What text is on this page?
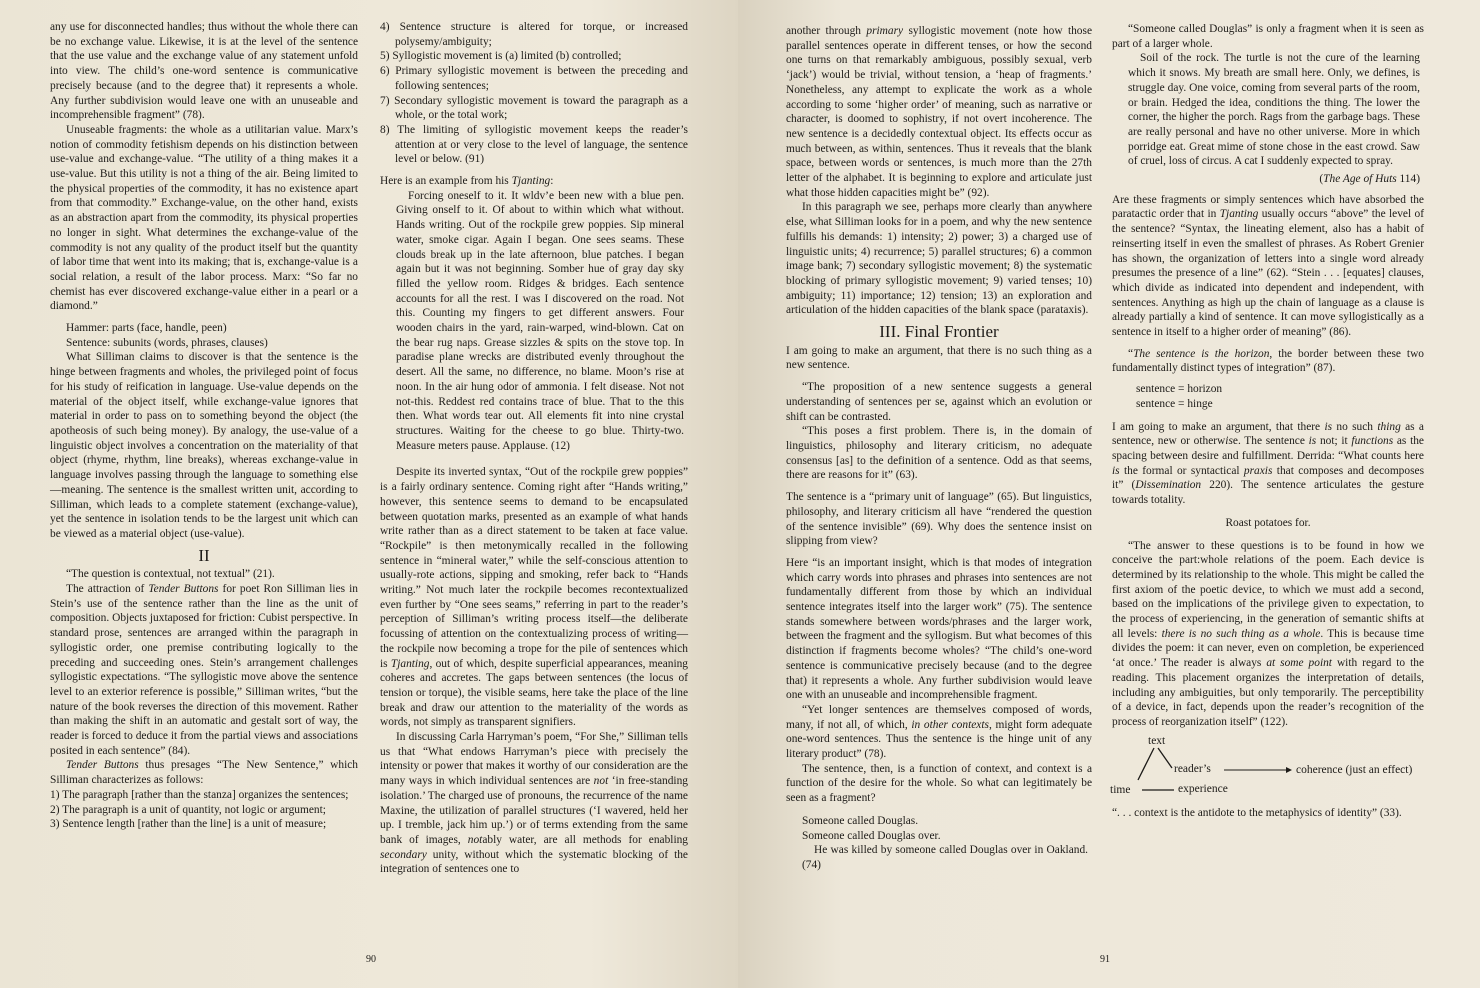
any use for disconnected handles; thus without the whole there can be no exchange value. Likewise, it is at the level of the sentence that the use value and the exchange value of any statement unfold into view. The child’s one-word sentence is communicative precisely because (and to the degree that) it represents a whole. Any further subdivision would leave one with an unuseable and incomprehensible fragment” (78).

Unuseable fragments: the whole as a utilitarian value. Marx’s notion of commodity fetishism depends on his distinction between use-value and exchange-value. “The utility of a thing makes it a use-value. But this utility is not a thing of the air. Being limited to the physical properties of the commodity, it has no existence apart from that commodity.” Exchange-value, on the other hand, exists as an abstraction apart from the commodity, its physical properties no longer in sight. What determines the exchange-value of the commodity is not any quality of the product itself but the quantity of labor time that went into its making; that is, exchange-value is a social relation, a result of the labor process. Marx: “So far no chemist has ever discovered exchange-value either in a pearl or a diamond.”

Hammer: parts (face, handle, peen)

Sentence: subunits (words, phrases, clauses)

What Silliman claims to discover is that the sentence is the hinge between fragments and wholes, the privileged point of focus for his study of reification in language. Use-value depends on the material of the object itself, while exchange-value ignores that material in order to pass on to something beyond the object (the apotheosis of such being money). By analogy, the use-value of a linguistic object involves a concentration on the materiality of that object (rhyme, rhythm, line breaks), whereas exchange-value in language involves passing through the language to something else—meaning. The sentence is the smallest written unit, according to Silliman, which leads to a complete statement (exchange-value), yet the sentence in isolation tends to be the largest unit which can be viewed as a material object (use-value).

II

“The question is contextual, not textual” (21).

The attraction of Tender Buttons for poet Ron Silliman lies in Stein’s use of the sentence rather than the line as the unit of composition. Objects juxtaposed for friction: Cubist perspective. In standard prose, sentences are arranged within the paragraph in syllogistic order, one premise contributing logically to the preceding and succeeding ones. Stein’s arrangement challenges syllogistic expectations. “The syllogistic move above the sentence level to an exterior reference is possible,” Silliman writes, “but the nature of the book reverses the direction of this movement. Rather than making the shift in an automatic and gestalt sort of way, the reader is forced to deduce it from the partial views and associations posited in each sentence” (84).

Tender Buttons thus presages “The New Sentence,” which Silliman characterizes as follows:

1) The paragraph [rather than the stanza] organizes the sentences;
2) The paragraph is a unit of quantity, not logic or argument;
3) Sentence length [rather than the line] is a unit of measure;
4) Sentence structure is altered for torque, or increased polysemy/ambiguity;
5) Syllogistic movement is (a) limited (b) controlled;
6) Primary syllogistic movement is between the preceding and following sentences;
7) Secondary syllogistic movement is toward the paragraph as a whole, or the total work;
8) The limiting of syllogistic movement keeps the reader’s attention at or very close to the level of language, the sentence level or below. (91)

Here is an example from his Tjanting:

Forcing oneself to it. It wldv’e been new with a blue pen. Giving onself to it. Of about to within which what without. Hands writing. Out of the rockpile grew poppies. Sip mineral water, smoke cigar. Again I began. One sees seams. These clouds break up in the late afternoon, blue patches. I began again but it was not beginning. Somber hue of gray day sky filled the yellow room. Ridges & bridges. Each sentence accounts for all the rest. I was I discovered on the road. Not this. Counting my fingers to get different answers. Four wooden chairs in the yard, rain-warped, wind-blown. Cat on the bear rug naps. Grease sizzles & spits on the stove top. In paradise plane wrecks are distributed evenly throughout the desert. All the same, no difference, no blame. Moon’s rise at noon. In the air hung odor of ammonia. I felt disease. Not not not-this. Reddest red contains trace of blue. That to the this then. What words tear out. All elements fit into nine crystal structures. Waiting for the cheese to go blue. Thirty-two. Measure meters pause. Applause. (12)

Despite its inverted syntax, “Out of the rockpile grew poppies” is a fairly ordinary sentence. Coming right after “Hands writing,” however, this sentence seems to demand to be encapsulated between quotation marks, presented as an example of what hands write rather than as a direct statement to be taken at face value. “Rockpile” is then metonymically recalled in the following sentence in “mineral water,” while the self-conscious attention to usually-rote actions, sipping and smoking, refer back to “Hands writing.” Not much later the rockpile becomes recontextualized even further by “One sees seams,” referring in part to the reader’s perception of Silliman’s writing process itself—the deliberate focussing of attention on the contextualizing process of writing—the rockpile now becoming a trope for the pile of sentences which is Tjanting, out of which, despite superficial appearances, meaning coheres and accretes. The gaps between sentences (the locus of tension or torque), the visible seams, here take the place of the line break and draw our attention to the materiality of the words as words, not simply as transparent signifiers.

In discussing Carla Harryman’s poem, “For She,” Silliman tells us that “What endows Harryman’s piece with precisely the intensity or power that makes it worthy of our consideration are the many ways in which individual sentences are not ‘in free-standing isolation.’ The charged use of pronouns, the recurrence of the name Maxine, the utilization of parallel structures (‘I wavered, held her up. I tremble, jack him up.’) or of terms extending from the same bank of images, notably water, are all methods for enabling secondary unity, without which the systematic blocking of the integration of sentences one to

90

another through primary syllogistic movement (note how those parallel sentences operate in different tenses, or how the second one turns on that remarkably ambiguous, possibly sexual, verb ‘jack’) would be trivial, without tension, a ‘heap of fragments.’ Nonetheless, any attempt to explicate the work as a whole according to some ‘higher order’ of meaning, such as narrative or character, is doomed to sophistry, if not overt incoherence. The new sentence is a decidedly contextual object. Its effects occur as much between, as within, sentences. Thus it reveals that the blank space, between words or sentences, is much more than the 27th letter of the alphabet. It is beginning to explore and articulate just what those hidden capacities might be” (92).

In this paragraph we see, perhaps more clearly than anywhere else, what Silliman looks for in a poem, and why the new sentence fulfills his demands: 1) intensity; 2) power; 3) a charged use of linguistic units; 4) recurrence; 5) parallel structures; 6) a common image bank; 7) secondary syllogistic movement; 8) the systematic blocking of primary syllogistic movement; 9) varied tenses; 10) ambiguity; 11) importance; 12) tension; 13) an exploration and articulation of the hidden capacities of the blank space (parataxis).

III. Final Frontier

I am going to make an argument, that there is no such thing as a new sentence.

“The proposition of a new sentence suggests a general understanding of sentences per se, against which an evolution or shift can be contrasted.

“This poses a first problem. There is, in the domain of linguistics, philosophy and literary criticism, no adequate consensus [as] to the definition of a sentence. Odd as that seems, there are reasons for it” (63).

The sentence is a “primary unit of language” (65). But linguistics, philosophy, and literary criticism all have “rendered the question of the sentence invisible” (69). Why does the sentence insist on slipping from view?

Here “is an important insight, which is that modes of integration which carry words into phrases and phrases into sentences are not fundamentally different from those by which an individual sentence integrates itself into the larger work” (75). The sentence stands somewhere between words/phrases and the larger work, between the fragment and the syllogism. But what becomes of this distinction if fragments become wholes? “The child’s one-word sentence is communicative precisely because (and to the degree that) it represents a whole. Any further subdivision would leave one with an unuseable and incomprehensible fragment.

“Yet longer sentences are themselves composed of words, many, if not all, of which, in other contexts, might form adequate one-word sentences. Thus the sentence is the hinge unit of any literary product” (78).

The sentence, then, is a function of context, and context is a function of the desire for the whole. So what can legitimately be seen as a fragment?

Someone called Douglas.

Someone called Douglas over.

He was killed by someone called Douglas over in Oakland. (74)

“Someone called Douglas” is only a fragment when it is seen as part of a larger whole.

Soil of the rock. The turtle is not the cure of the learning which it snows. My breath are small here. Only, we defines, is struggle day. One voice, coming from several parts of the room, or brain. Hedged the idea, conditions the thing. The lower the corner, the higher the porch. Rags from the garbage bags. These are really personal and have no other universe. More in which porridge eat. Great mime of stone chose in the east crowd. Saw of cruel, loss of circus. A cat I suddenly expected to spray.

(The Age of Huts 114)

Are these fragments or simply sentences which have absorbed the paratactic order that in Tjanting usually occurs “above” the level of the sentence? “Syntax, the lineating element, also has a habit of reinserting itself in even the smallest of phrases. As Robert Grenier has shown, the organization of letters into a single word already presumes the presence of a line” (62). “Stein . . . [equates] clauses, which divide as indicated into dependent and independent, with sentences. Anything as high up the chain of language as a clause is already partially a kind of sentence. It can move syllogistically as a sentence in itself to a higher order of meaning” (86).

“The sentence is the horizon, the border between these two fundamentally distinct types of integration” (87).

sentence = horizon

sentence = hinge

I am going to make an argument, that there is no such thing as a sentence, new or otherwise. The sentence is not; it functions as the spacing between desire and fulfillment. Derrida: “What counts here is the formal or syntactical praxis that composes and decomposes it” (Dissemination 220). The sentence articulates the gesture towards totality.

Roast potatoes for.

“The answer to these questions is to be found in how we conceive the part:whole relations of the poem. Each device is determined by its relationship to the whole. This might be called the first axiom of the poetic device, to which we must add a second, based on the implications of the privilege given to expectation, to the process of experiencing, in the generation of semantic shifts at all levels: there is no such thing as a whole. This is because time divides the poem: it can never, even on completion, be experienced ‘at once.’ The reader is always at some point with regard to the reading. This placement organizes the interpretation of details, including any ambiguities, but only temporarily. The perceptibility of a device, in fact, depends upon the reader’s recognition of the process of reorganization itself” (122).

text
reader’s
experience
time
coherence (just an effect)

“. . . context is the antidote to the metaphysics of identity” (33).

91
